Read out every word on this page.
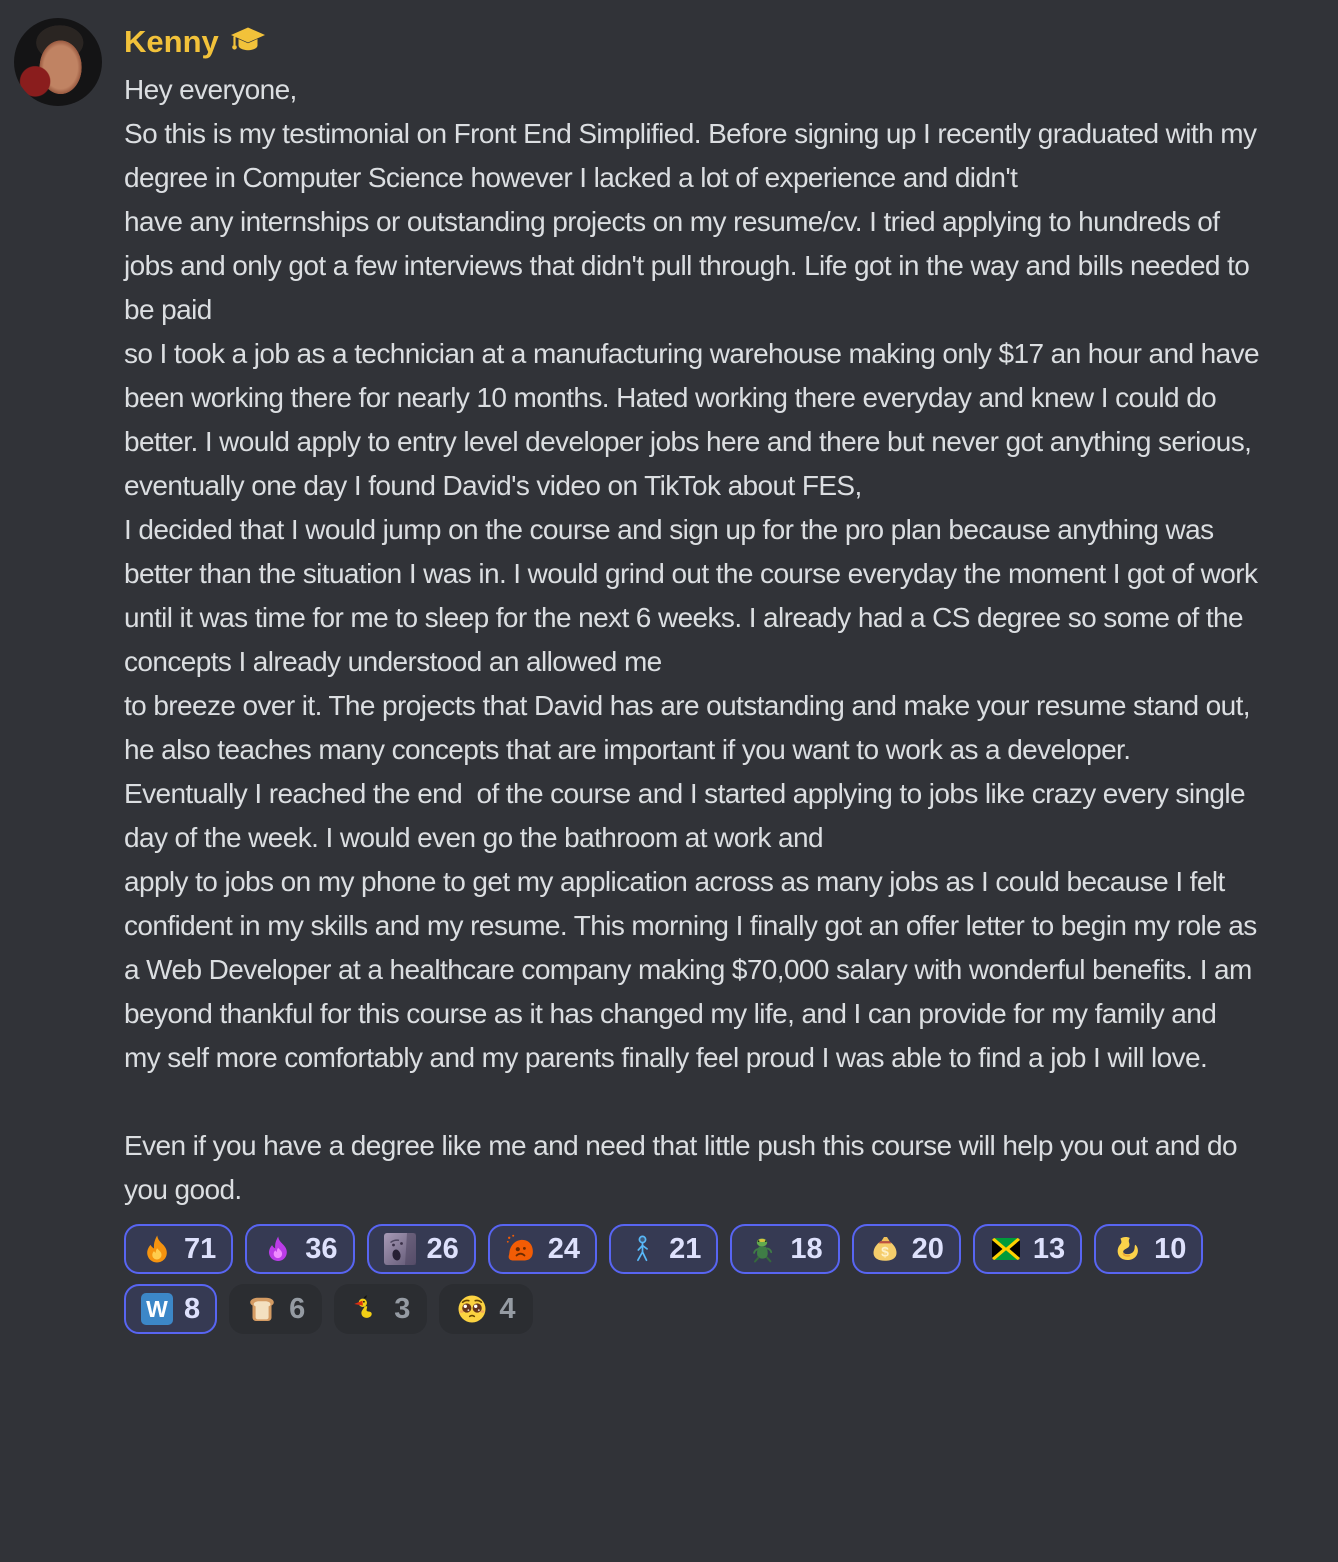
Kenny
Hey everyone,
So this is my testimonial on Front End Simplified. Before signing up I recently graduated with my degree in Computer Science however I lacked a lot of experience and didn't
have any internships or outstanding projects on my resume/cv. I tried applying to hundreds of jobs and only got a few interviews that didn't pull through. Life got in the way and bills needed to be paid
so I took a job as a technician at a manufacturing warehouse making only $17 an hour and have been working there for nearly 10 months. Hated working there everyday and knew I could do better. I would apply to entry level developer jobs here and there but never got anything serious, eventually one day I found David's video on TikTok about FES,
I decided that I would jump on the course and sign up for the pro plan because anything was better than the situation I was in. I would grind out the course everyday the moment I got of work until it was time for me to sleep for the next 6 weeks. I already had a CS degree so some of the concepts I already understood an allowed me
to breeze over it. The projects that David has are outstanding and make your resume stand out, he also teaches many concepts that are important if you want to work as a developer. Eventually I reached the end  of the course and I started applying to jobs like crazy every single day of the week. I would even go the bathroom at work and
apply to jobs on my phone to get my application across as many jobs as I could because I felt confident in my skills and my resume. This morning I finally got an offer letter to begin my role as a Web Developer at a healthcare company making $70,000 salary with wonderful benefits. I am beyond thankful for this course as it has changed my life, and I can provide for my family and my self more comfortably and my parents finally feel proud I was able to find a job I will love.
Even if you have a degree like me and need that little push this course will help you out and do you good.
71	36	26	24	21	18	$ 20	13	10
W 8	6	3	4
